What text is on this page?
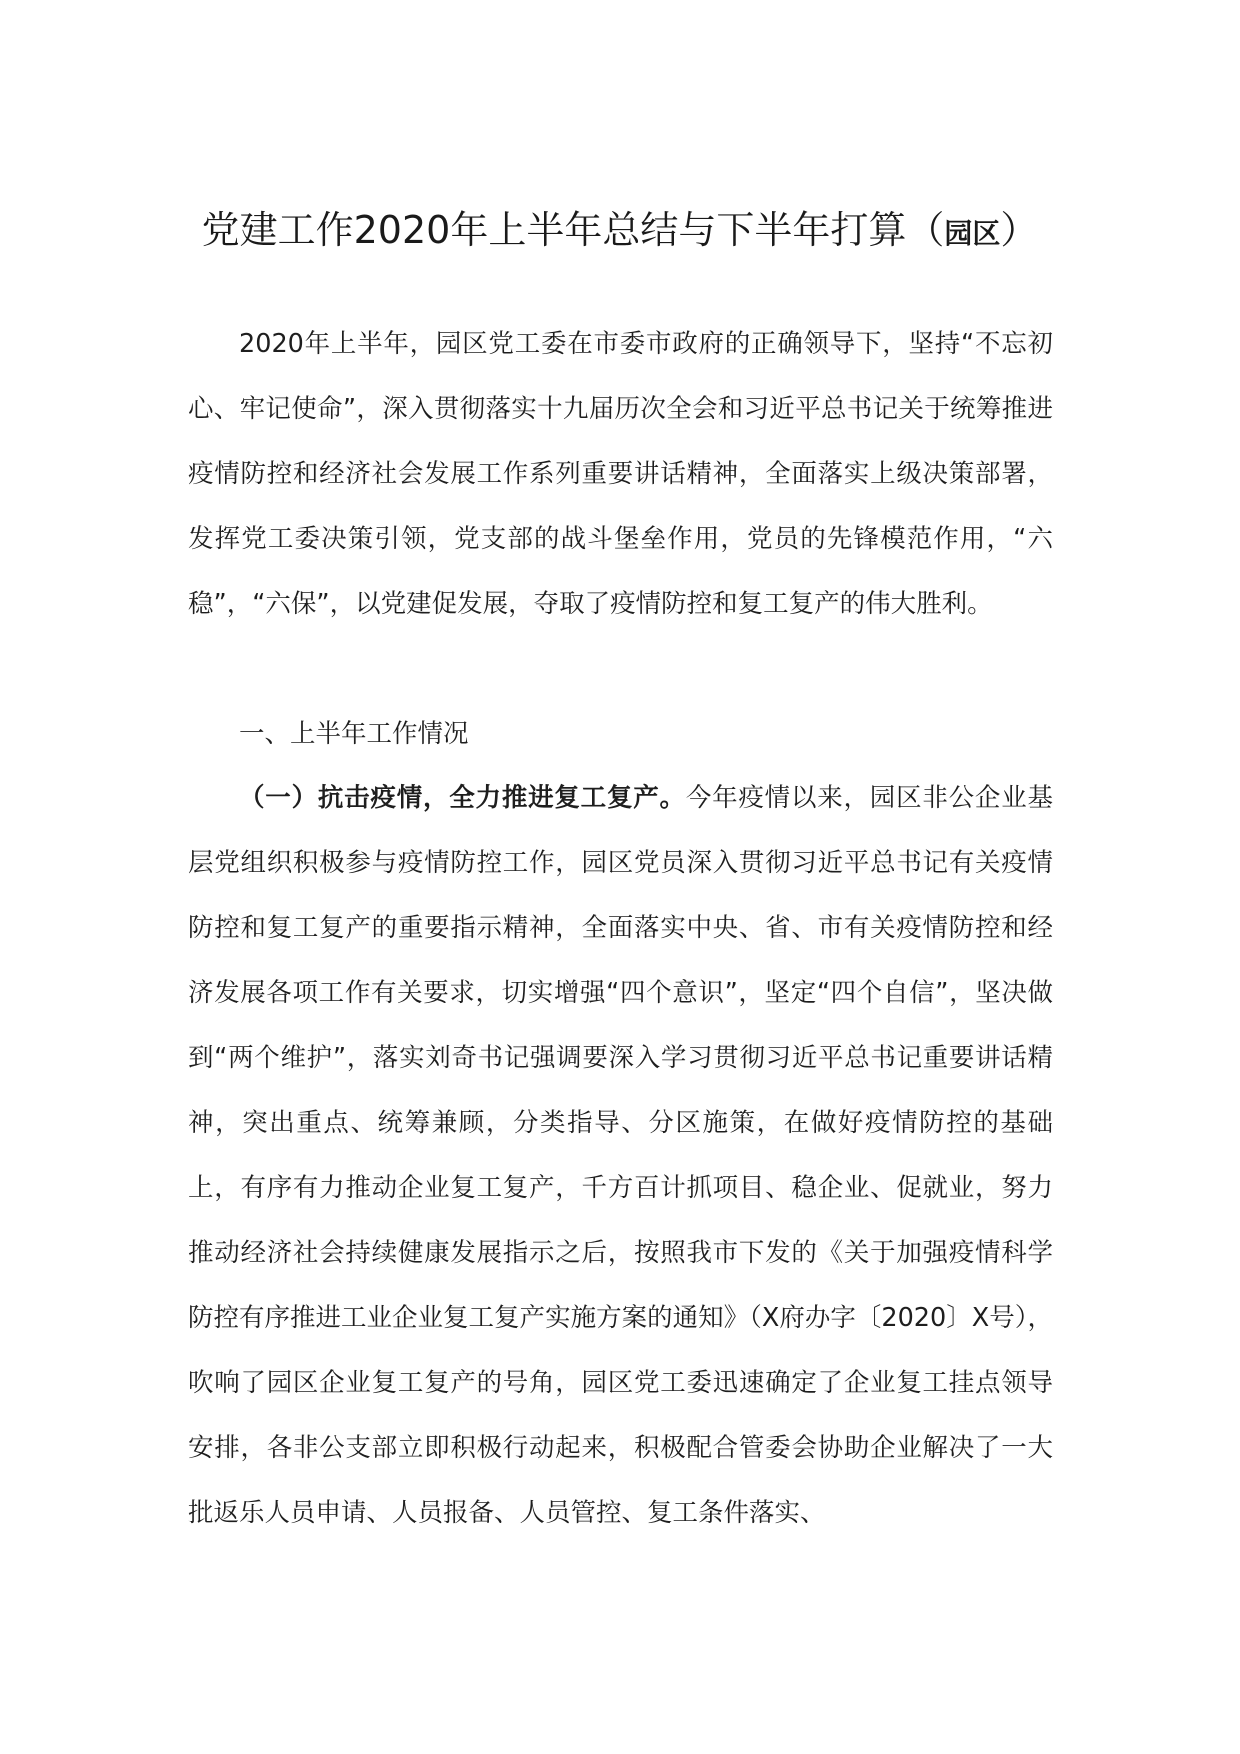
党建工作2020年上半年总结与下半年打算（园区）

2020年上半年，园区党工委在市委市政府的正确领导下，坚持“不忘初心、牢记使命”，深入贯彻落实十九届历次全会和习近平总书记关于统筹推进疫情防控和经济社会发展工作系列重要讲话精神，全面落实上级决策部署，发挥党工委决策引领，党支部的战斗堡垒作用，党员的先锋模范作用，“六稳”，“六保”，以党建促发展，夺取了疫情防控和复工复产的伟大胜利。

一、上半年工作情况

（一）抗击疫情，全力推进复工复产。今年疫情以来，园区非公企业基层党组织积极参与疫情防控工作，园区党员深入贯彻习近平总书记有关疫情防控和复工复产的重要指示精神，全面落实中央、省、市有关疫情防控和经济发展各项工作有关要求，切实增强“四个意识”，坚定“四个自信”，坚决做到“两个维护”，落实刘奇书记强调要深入学习贯彻习近平总书记重要讲话精神，突出重点、统筹兼顾，分类指导、分区施策，在做好疫情防控的基础上，有序有力推动企业复工复产，千方百计抓项目、稳企业、促就业，努力推动经济社会持续健康发展指示之后，按照我市下发的《关于加强疫情科学防控有序推进工业企业复工复产实施方案的通知》（X府办字〔2020〕X号），吹响了园区企业复工复产的号角，园区党工委迅速确定了企业复工挂点领导安排，各非公支部立即积极行动起来，积极配合管委会协助企业解决了一大批返乐人员申请、人员报备、人员管控、复工条件落实、
